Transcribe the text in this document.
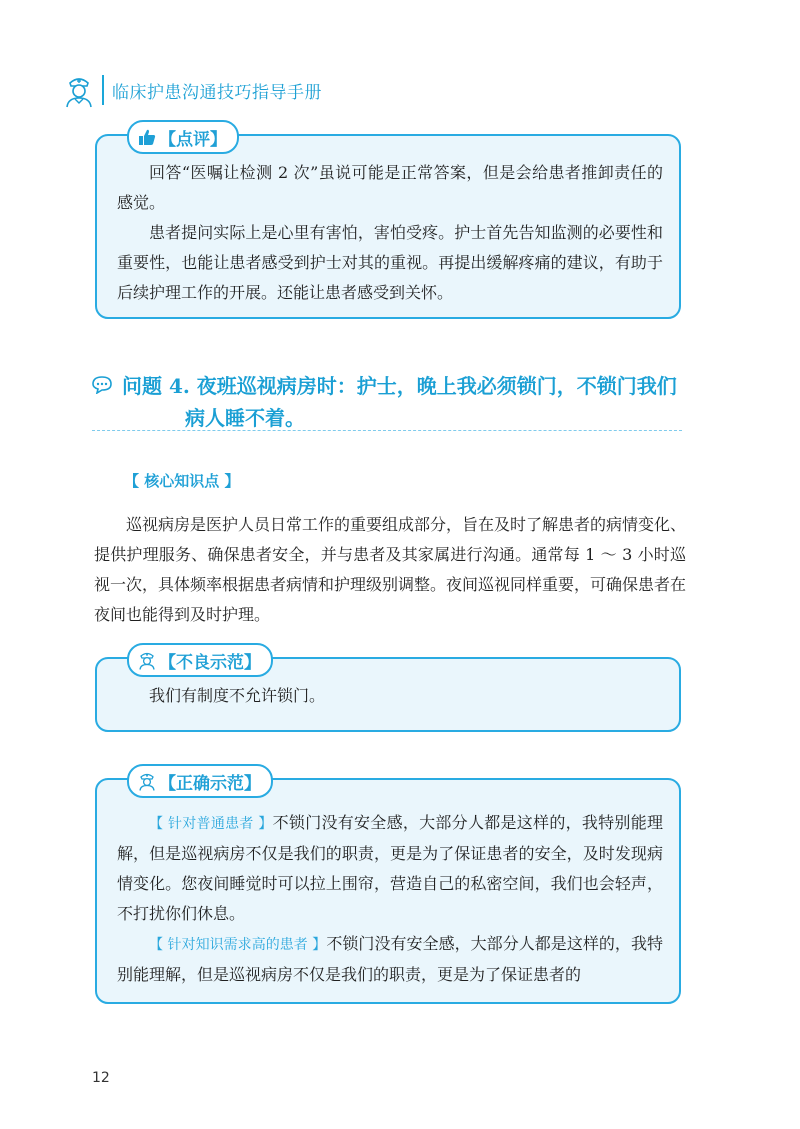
临床护患沟通技巧指导手册
【点评】

回答“医嘱让检测 2 次”虽说可能是正常答案，但是会给患者推卸责任的感觉。

患者提问实际上是心里有害怕，害怕受疼。护士首先告知监测的必要性和重要性，也能让患者感受到护士对其的重视。再提出缓解疼痛的建议，有助于后续护理工作的开展。还能让患者感受到关怀。

问题 4. 夜班巡视病房时：护士，晚上我必须锁门，不锁门我们
病人睡不着。
【 核心知识点 】

巡视病房是医护人员日常工作的重要组成部分，旨在及时了解患者的病情变化、提供护理服务、确保患者安全，并与患者及其家属进行沟通。通常每 1 ～ 3 小时巡视一次，具体频率根据患者病情和护理级别调整。夜间巡视同样重要，可确保患者在夜间也能得到及时护理。

【不良示范】

我们有制度不允许锁门。

【正确示范】

【 针对普通患者 】不锁门没有安全感，大部分人都是这样的，我特别能理解，但是巡视病房不仅是我们的职责，更是为了保证患者的安全，及时发现病情变化。您夜间睡觉时可以拉上围帘，营造自己的私密空间，我们也会轻声，不打扰你们休息。

【 针对知识需求高的患者 】不锁门没有安全感，大部分人都是这样的，我特别能理解，但是巡视病房不仅是我们的职责，更是为了保证患者的

12
